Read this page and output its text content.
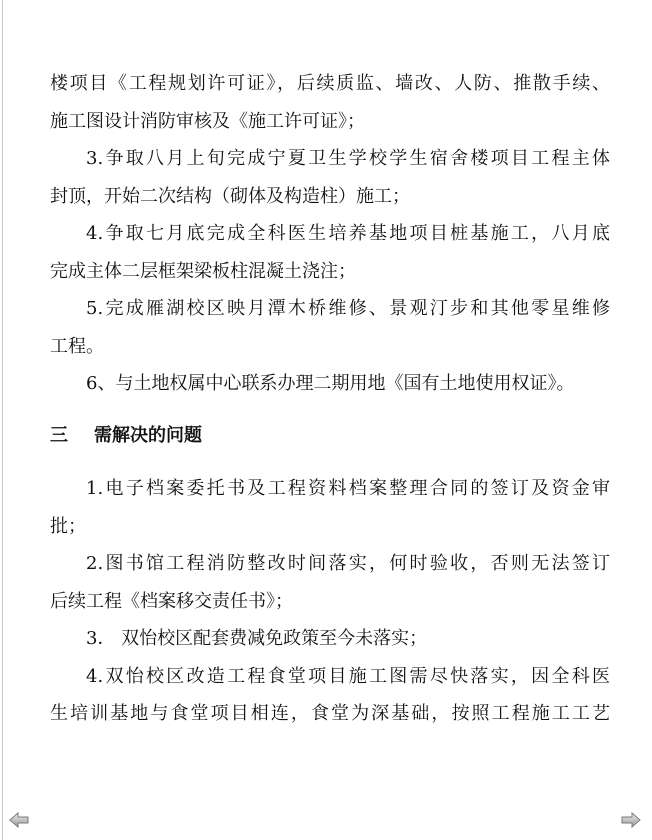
楼项目《工程规划许可证》，后续质监、墙改、人防、推散手续、
施工图设计消防审核及《施工许可证》；
3.争取八月上旬完成宁夏卫生学校学生宿舍楼项目工程主体
封顶，开始二次结构（砌体及构造柱）施工；
4.争取七月底完成全科医生培养基地项目桩基施工，八月底
完成主体二层框架梁板柱混凝土浇注；
5.完成雁湖校区映月潭木桥维修、景观汀步和其他零星维修
工程。
6、与土地权属中心联系办理二期用地《国有土地使用权证》。
三 需解决的问题
1.电子档案委托书及工程资料档案整理合同的签订及资金审
批；
2.图书馆工程消防整改时间落实，何时验收，否则无法签订
后续工程《档案移交责任书》；
3． 双怡校区配套费减免政策至今未落实；
4.双怡校区改造工程食堂项目施工图需尽快落实，因全科医
生培训基地与食堂项目相连，食堂为深基础，按照工程施工工艺
